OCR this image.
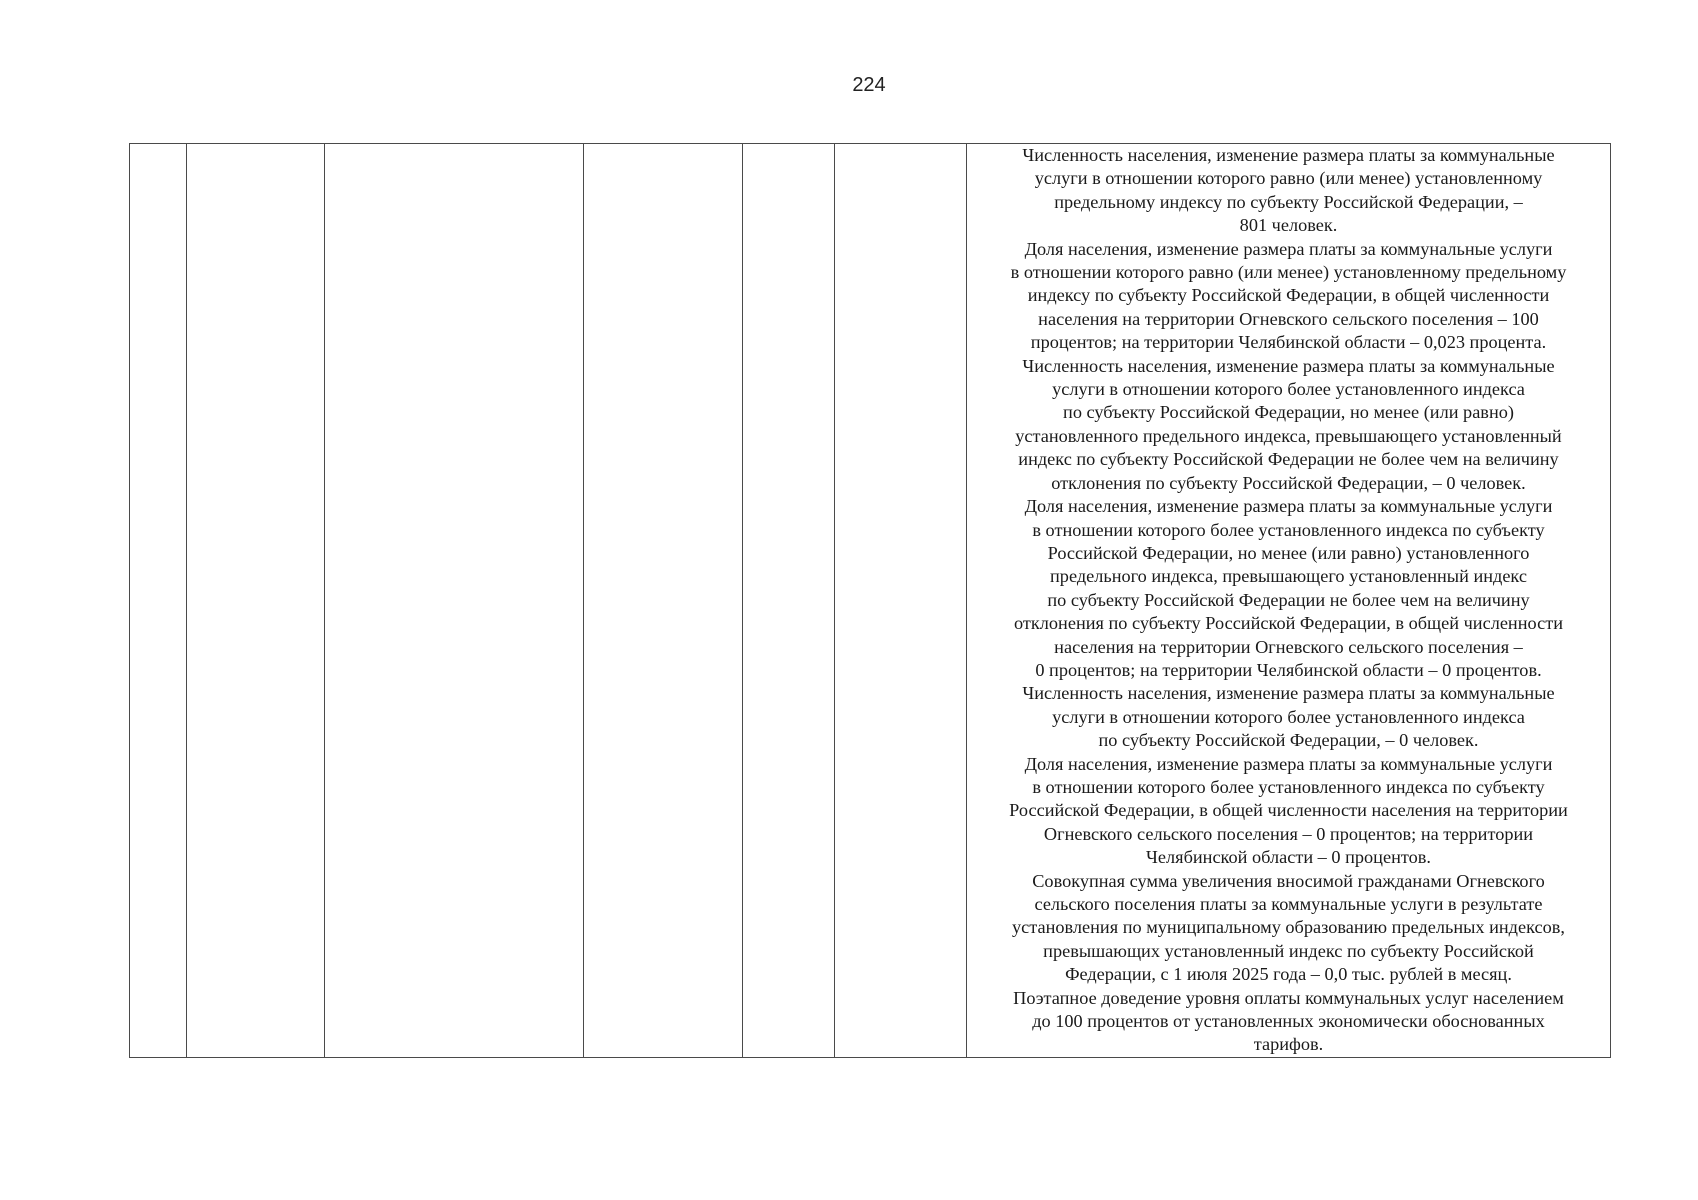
224

Численность населения, изменение размера платы за коммунальные
услуги в отношении которого равно (или менее) установленному
предельному индексу по субъекту Российской Федерации, –
801 человек.

Доля населения, изменение размера платы за коммунальные услуги
в отношении которого равно (или менее) установленному предельному
индексу по субъекту Российской Федерации, в общей численности
населения на территории Огневского сельского поселения – 100
процентов; на территории Челябинской области – 0,023 процента.

Численность населения, изменение размера платы за коммунальные
услуги в отношении которого более установленного индекса
по субъекту Российской Федерации, но менее (или равно)
установленного предельного индекса, превышающего установленный
индекс по субъекту Российской Федерации не более чем на величину
отклонения по субъекту Российской Федерации, – 0 человек.

Доля населения, изменение размера платы за коммунальные услуги
в отношении которого более установленного индекса по субъекту
Российской Федерации, но менее (или равно) установленного
предельного индекса, превышающего установленный индекс
по субъекту Российской Федерации не более чем на величину
отклонения по субъекту Российской Федерации, в общей численности
населения на территории Огневского сельского поселения –
0 процентов; на территории Челябинской области – 0 процентов.

Численность населения, изменение размера платы за коммунальные
услуги в отношении которого более установленного индекса
по субъекту Российской Федерации, – 0 человек.

Доля населения, изменение размера платы за коммунальные услуги
в отношении которого более установленного индекса по субъекту
Российской Федерации, в общей численности населения на территории
Огневского сельского поселения – 0 процентов; на территории
Челябинской области – 0 процентов.

Совокупная сумма увеличения вносимой гражданами Огневского
сельского поселения платы за коммунальные услуги в результате
установления по муниципальному образованию предельных индексов,
превышающих установленный индекс по субъекту Российской
Федерации, с 1 июля 2025 года – 0,0 тыс. рублей в месяц.

Поэтапное доведение уровня оплаты коммунальных услуг населением
до 100 процентов от установленных экономически обоснованных
тарифов.
